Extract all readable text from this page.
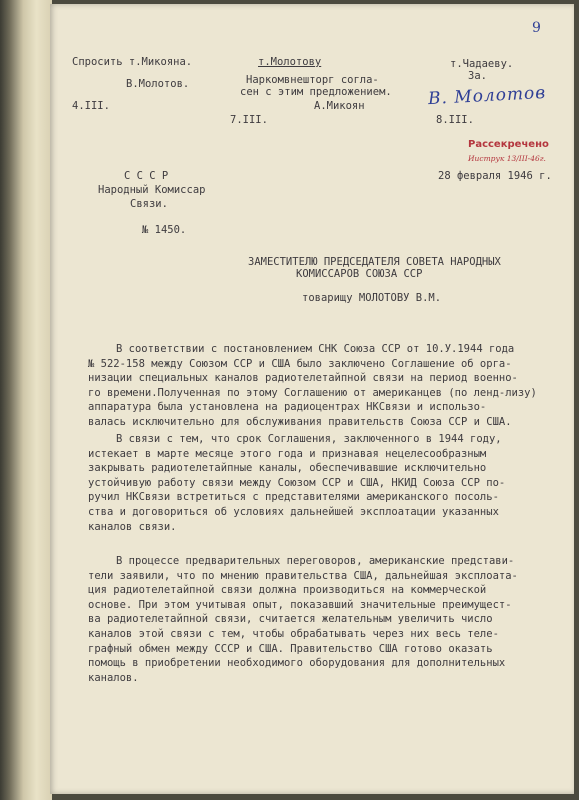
9
Спросить т.Микояна.
В.Молотов.
4.III.
т.Молотову
Наркомвнешторг согла-
сен с этим предложением.
А.Микоян
7.III.
т.Чадаеву.
За.
8.III.
В. Молотов
Рассекречено
Ииструк 13/III-46г.
С С С Р
Народный Комиссар
Связи.
№ 1450.
28 февраля 1946 г.
ЗАМЕСТИТЕЛЮ ПРЕДСЕДАТЕЛЯ СОВЕТА НАРОДНЫХ
КОМИССАРОВ СОЮЗА ССР
товарищу МОЛОТОВУ В.М.
В соответствии с постановлением СНК Союза ССР от 10.У.1944 года
№ 522-158 между Союзом ССР и США было заключено Соглашение об орга-
низации специальных каналов радиотелетайпной связи на период военно-
го времени.Полученная по этому Соглашению от американцев (по ленд-лизу)
аппаратура была установлена на радиоцентрах НКСвязи и использо-
валась исключительно для обслуживания правительств Союза ССР и США.
В связи с тем, что срок Соглашения, заключенного в 1944 году,
истекает в марте месяце этого года и признавая нецелесообразным
закрывать радиотелетайпные каналы, обеспечивавшие исключительно
устойчивую работу связи между Союзом ССР и США, НКИД Союза ССР по-
ручил НКСвязи встретиться с представителями американского посоль-
ства и договориться об условиях дальнейшей эксплоатации указанных
каналов связи.
В процессе предварительных переговоров, американские представи-
тели заявили, что по мнению правительства США, дальнейшая эксплоата-
ция радиотелетайпной связи должна производиться на коммерческой
основе. При этом учитывая опыт, показавший значительные преимущест-
ва радиотелетайпной связи, считается желательным увеличить число
каналов этой связи с тем, чтобы обрабатывать через них весь теле-
графный обмен между СССР и США. Правительство США готово оказать
помощь в приобретении необходимого оборудования для дополнительных
каналов.
